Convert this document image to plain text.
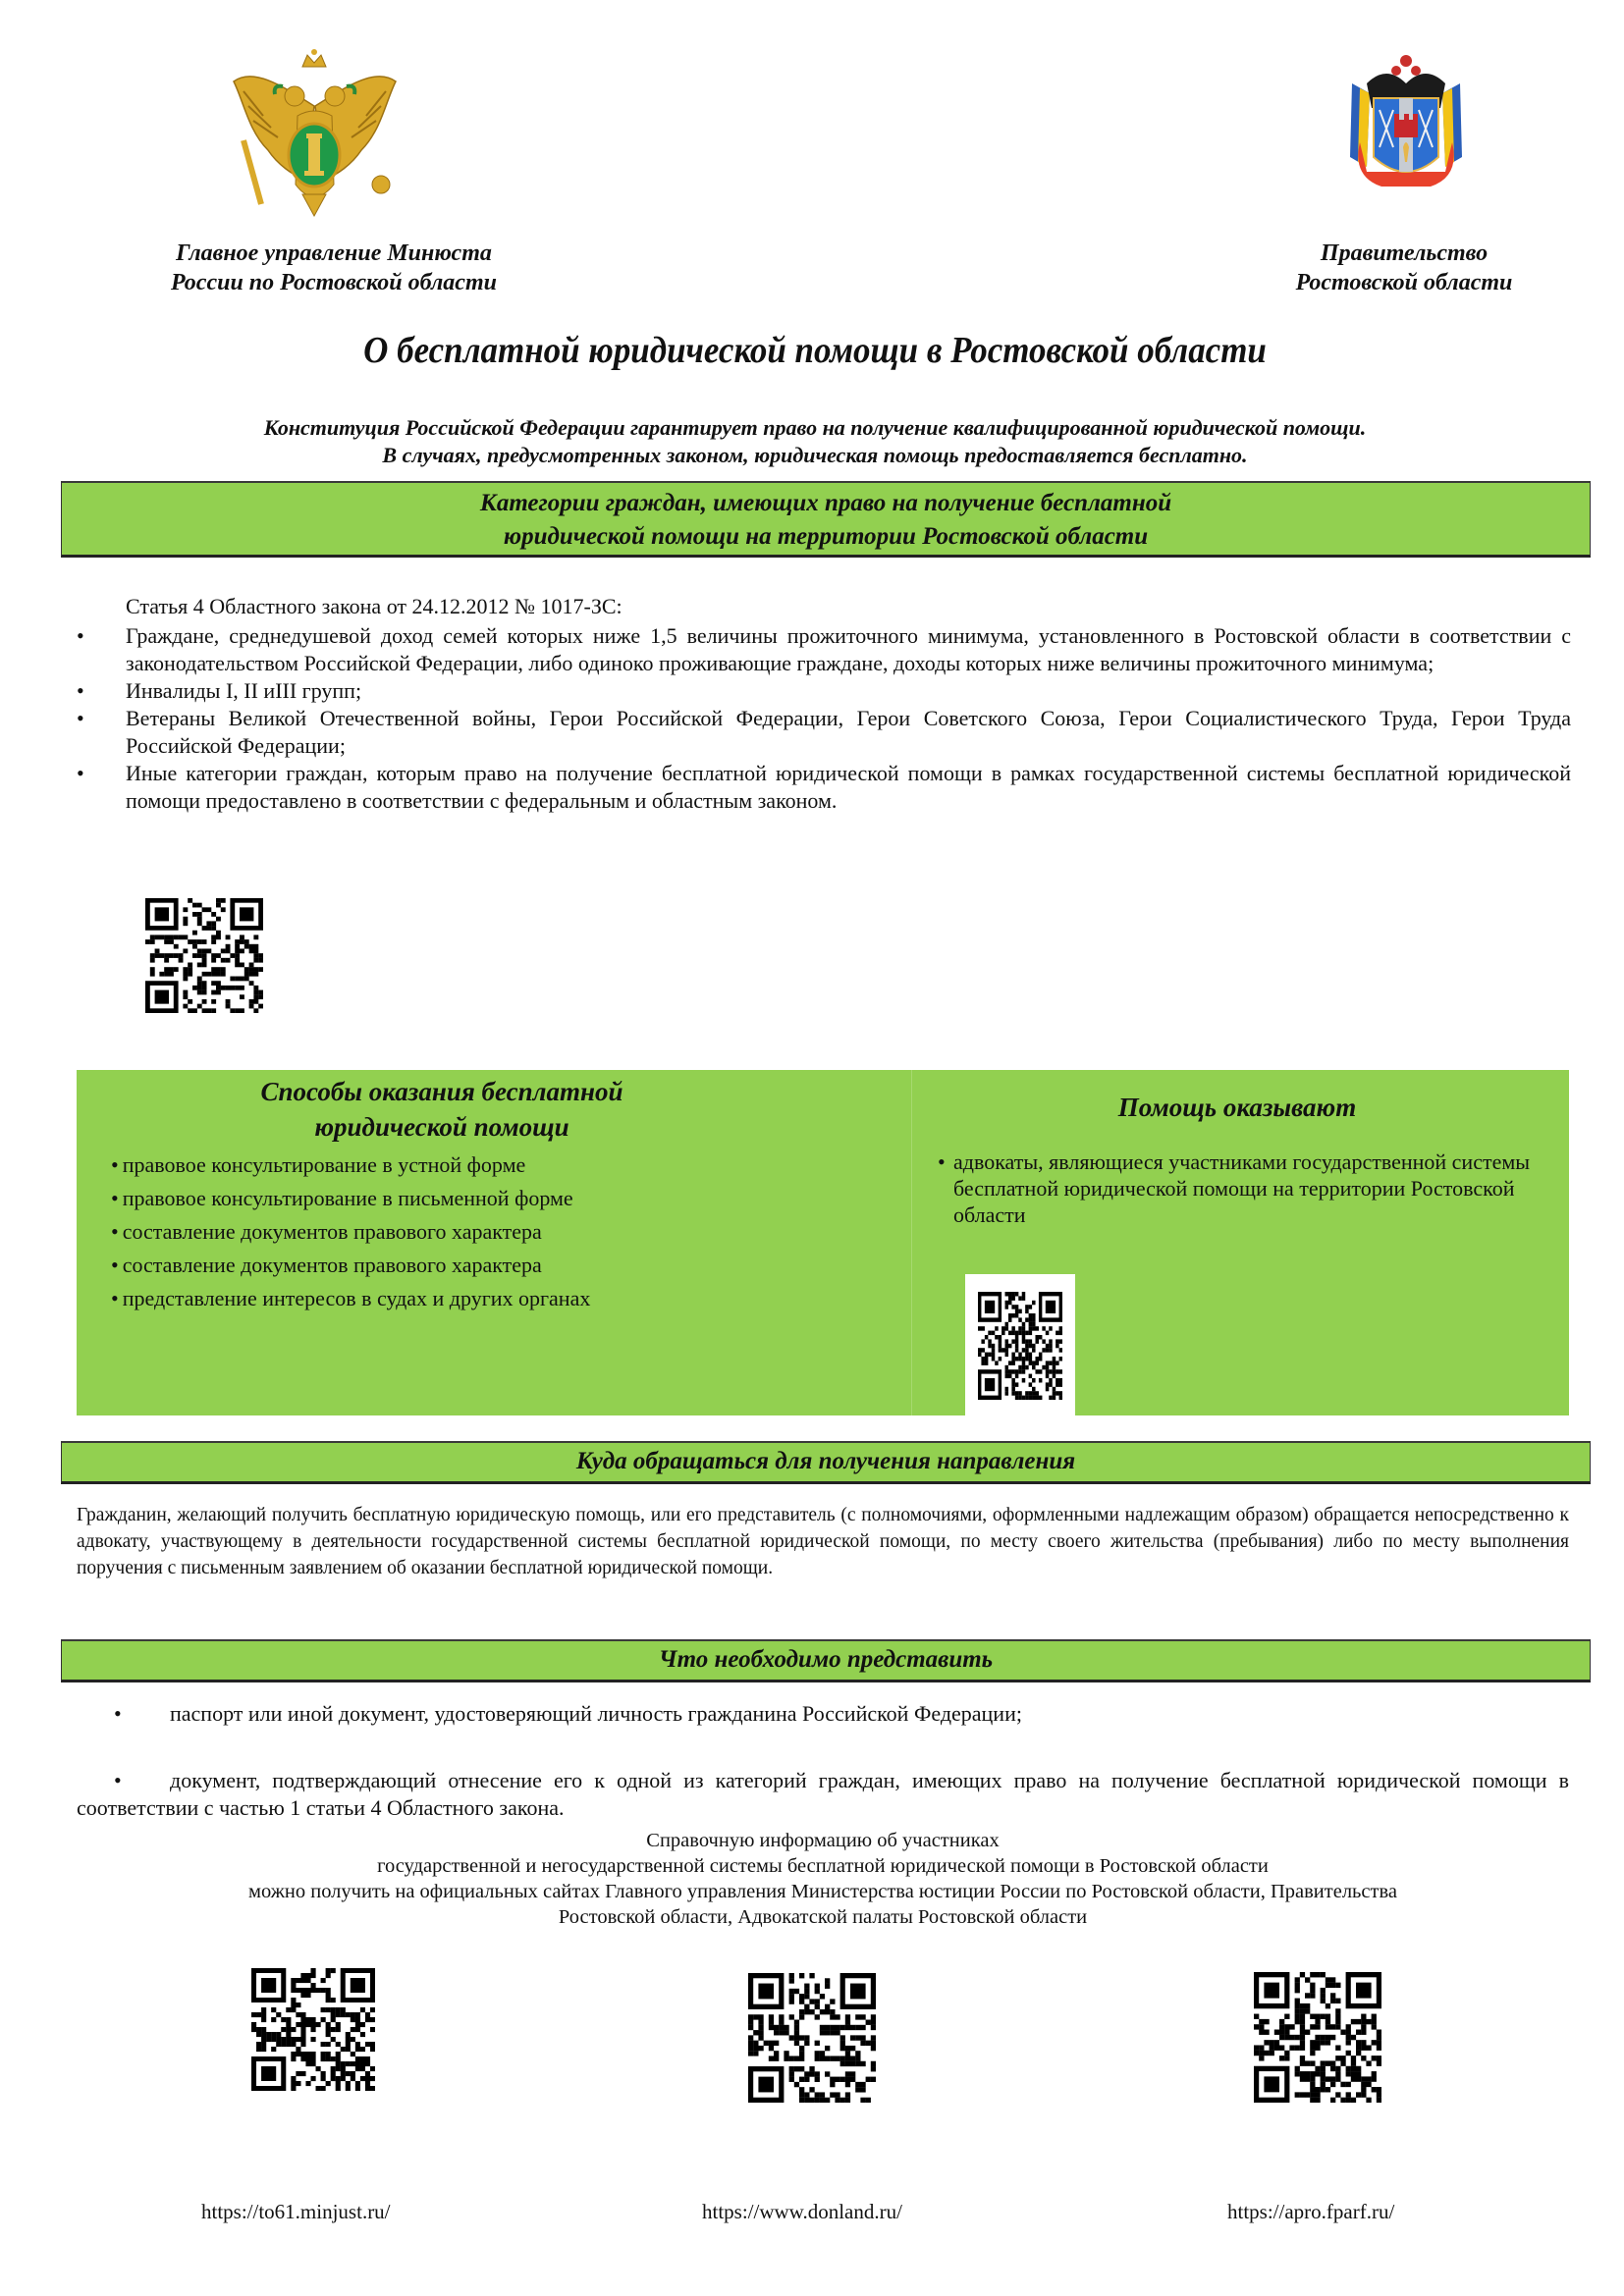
Главное управление Минюста
России по Ростовской области
Правительство
Ростовской области
О бесплатной юридической помощи в Ростовской области
Конституция Российской Федерации гарантирует право на получение квалифицированной юридической помощи.
В случаях, предусмотренных законом, юридическая помощь предоставляется бесплатно.
Категории граждан, имеющих право на получение бесплатной
юридической помощи на территории Ростовской области
Статья 4 Областного закона от 24.12.2012 № 1017-ЗС:
• Граждане, среднедушевой доход семей которых ниже 1,5 величины прожиточного минимума, установленного в Ростовской области в соответствии с законодательством Российской Федерации, либо одиноко проживающие граждане, доходы которых ниже величины прожиточного минимума;
• Инвалиды I, II иIII групп;
• Ветераны Великой Отечественной войны, Герои Российской Федерации, Герои Советского Союза, Герои Социалистического Труда, Герои Труда Российской Федерации;
• Иные категории граждан, которым право на получение бесплатной юридической помощи в рамках государственной системы бесплатной юридической помощи предоставлено в соответствии с федеральным и областным законом.
Способы оказания бесплатной
юридической помощи
• правовое консультирование в устной форме
• правовое консультирование в письменной форме
• составление документов правового характера
• составление документов правового характера
• представление интересов в судах и других органах
Помощь оказывают
• адвокаты, являющиеся участниками государственной системы бесплатной юридической помощи на территории Ростовской области
Куда обращаться для получения направления
Гражданин, желающий получить бесплатную юридическую помощь, или его представитель (с полномочиями, оформленными надлежащим образом) обращается непосредственно к адвокату, участвующему в деятельности государственной системы бесплатной юридической помощи, по месту своего жительства (пребывания) либо по месту выполнения поручения с письменным заявлением об оказании бесплатной юридической помощи.
Что необходимо представить
• паспорт или иной документ, удостоверяющий личность гражданина Российской Федерации;
• документ, подтверждающий отнесение его к одной из категорий граждан, имеющих право на получение бесплатной юридической помощи в соответствии с частью 1 статьи 4 Областного закона.
Справочную информацию об участниках
государственной и негосударственной системы бесплатной юридической помощи в Ростовской области
можно получить на официальных сайтах Главного управления Министерства юстиции России по Ростовской области, Правительства
Ростовской области, Адвокатской палаты Ростовской области
https://to61.minjust.ru/	https://www.donland.ru/	https://apro.fparf.ru/
